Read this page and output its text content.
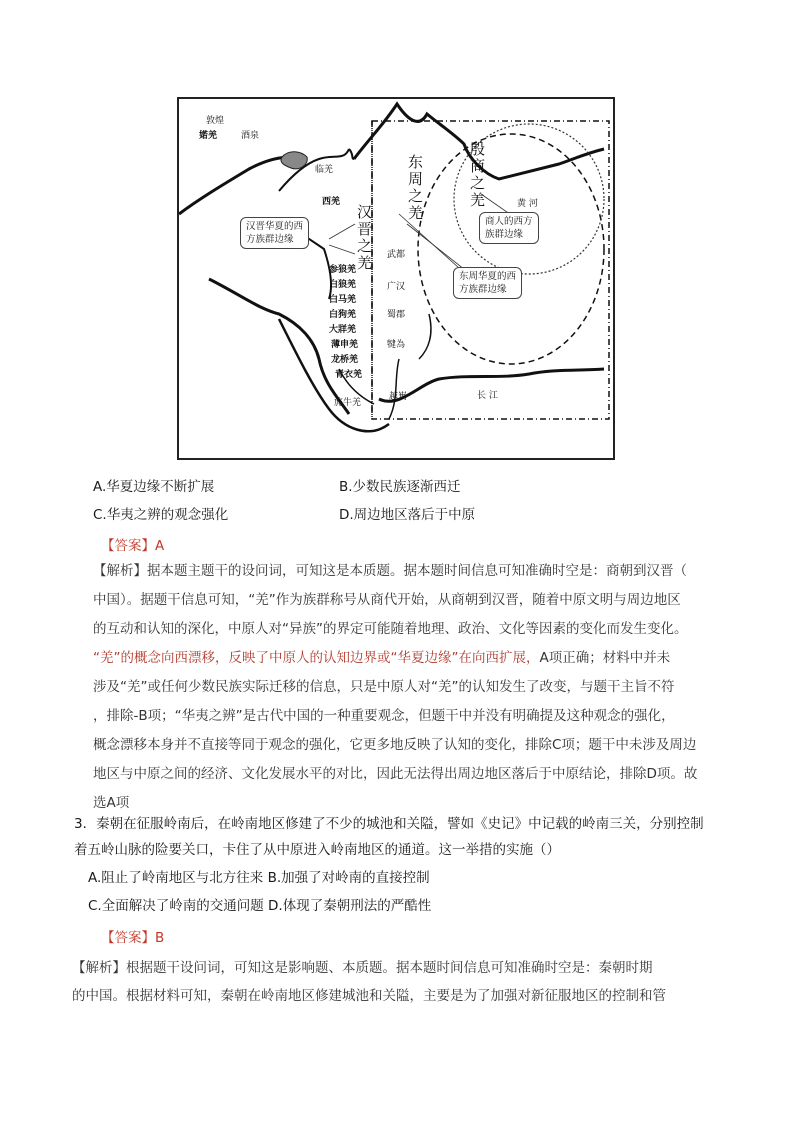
敦煌
婼羌	酒泉
临羌
西羌
汉晋之羌
东周之羌	殷商之羌
参狼羌
白狼羌
白马羌
白狗羌
大牂羌
薄申羌
龙桥羌
青衣羌
旄牛羌
武都
广汉
蜀郡
犍為
越嶲
黄 河
长 江
汉晋华夏的西
方族群边缘
东周华夏的西
方族群边缘
商人的西方
族群边缘
A.华夏边缘不断扩展	B.少数民族逐渐西迁
C.华夷之辨的观念强化	D.周边地区落后于中原
【答案】A
【解析】据本题主题干的设问词，可知这是本质题。据本题时间信息可知准确时空是：商朝到汉晋（
中国）。据题干信息可知，“羌”作为族群称号从商代开始，从商朝到汉晋，随着中原文明与周边地区
的互动和认知的深化，中原人对“异族”的界定可能随着地理、政治、文化等因素的变化而发生变化。
“羌”的概念向西漂移，反映了中原人的认知边界或“华夏边缘”在向西扩展，A项正确；材料中并未
涉及“羌”或任何少数民族实际迁移的信息，只是中原人对“羌”的认知发生了改变，与题干主旨不符
，排除-B项；“华夷之辨”是古代中国的一种重要观念，但题干中并没有明确提及这种观念的强化，
概念漂移本身并不直接等同于观念的强化，它更多地反映了认知的变化，排除C项；题干中未涉及周边
地区与中原之间的经济、文化发展水平的对比，因此无法得出周边地区落后于中原结论，排除D项。故
选A项
3．秦朝在征服岭南后，在岭南地区修建了不少的城池和关隘，譬如《史记》中记载的岭南三关，分别控制
着五岭山脉的险要关口，卡住了从中原进入岭南地区的通道。这一举措的实施（）
A.阻止了岭南地区与北方往来 B.加强了对岭南的直接控制
C.全面解决了岭南的交通问题 D.体现了秦朝刑法的严酷性
【答案】B
【解析】根据题干设问词，可知这是影响题、本质题。据本题时间信息可知准确时空是：秦朝时期
的中国。根据材料可知，秦朝在岭南地区修建城池和关隘，主要是为了加强对新征服地区的控制和管
